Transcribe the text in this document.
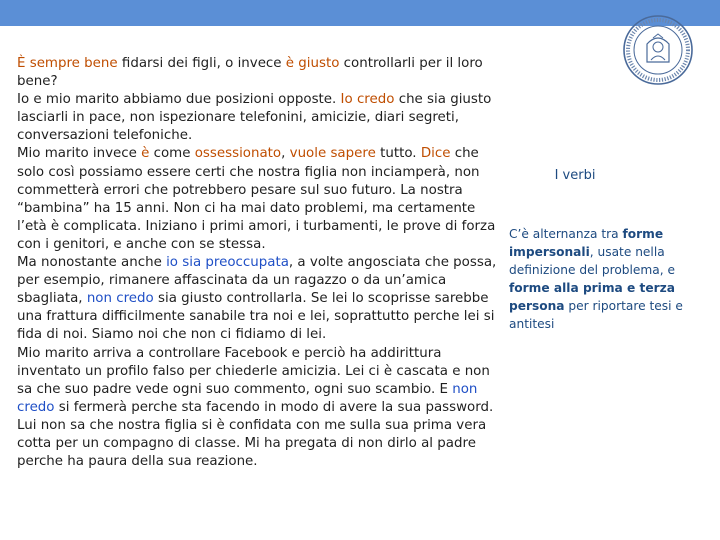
È sempre bene fidarsi dei figli, o invece è giusto controllarli per il loro bene?

Io e mio marito abbiamo due posizioni opposte. Io credo che sia giusto lasciarli in pace, non ispezionare telefonini, amicizie, diari segreti, conversazioni telefoniche.

Mio marito invece è come ossessionato, vuole sapere tutto. Dice che solo così possiamo essere certi che nostra figlia non inciamperà, non commetterà errori che potrebbero pesare sul suo futuro. La nostra “bambina” ha 15 anni. Non ci ha mai dato problemi, ma certamente l’età è complicata. Iniziano i primi amori, i turbamenti, le prove di forza con i genitori, e anche con se stessa.

Ma nonostante anche io sia preoccupata, a volte angosciata che possa, per esempio, rimanere affascinata da un ragazzo o da un’amica sbagliata, non credo sia giusto controllarla. Se lei lo scoprisse sarebbe una frattura difficilmente sanabile tra noi e lei, soprattutto perche lei si fida di noi. Siamo noi che non ci fidiamo di lei.

Mio marito arriva a controllare Facebook e perciò ha addirittura inventato un profilo falso per chiederle amicizia. Lei ci è cascata e non sa che suo padre vede ogni suo commento, ogni suo scambio. E non credo si fermerà perche sta facendo in modo di avere la sua password. Lui non sa che nostra figlia si è confidata con me sulla sua prima vera cotta per un compagno di classe. Mi ha pregata di non dirlo al padre perche ha paura della sua reazione.

I verbi
C’è alternanza tra forme impersonali, usate nella definizione del problema, e forme alla prima e terza persona per riportare tesi e antitesi
